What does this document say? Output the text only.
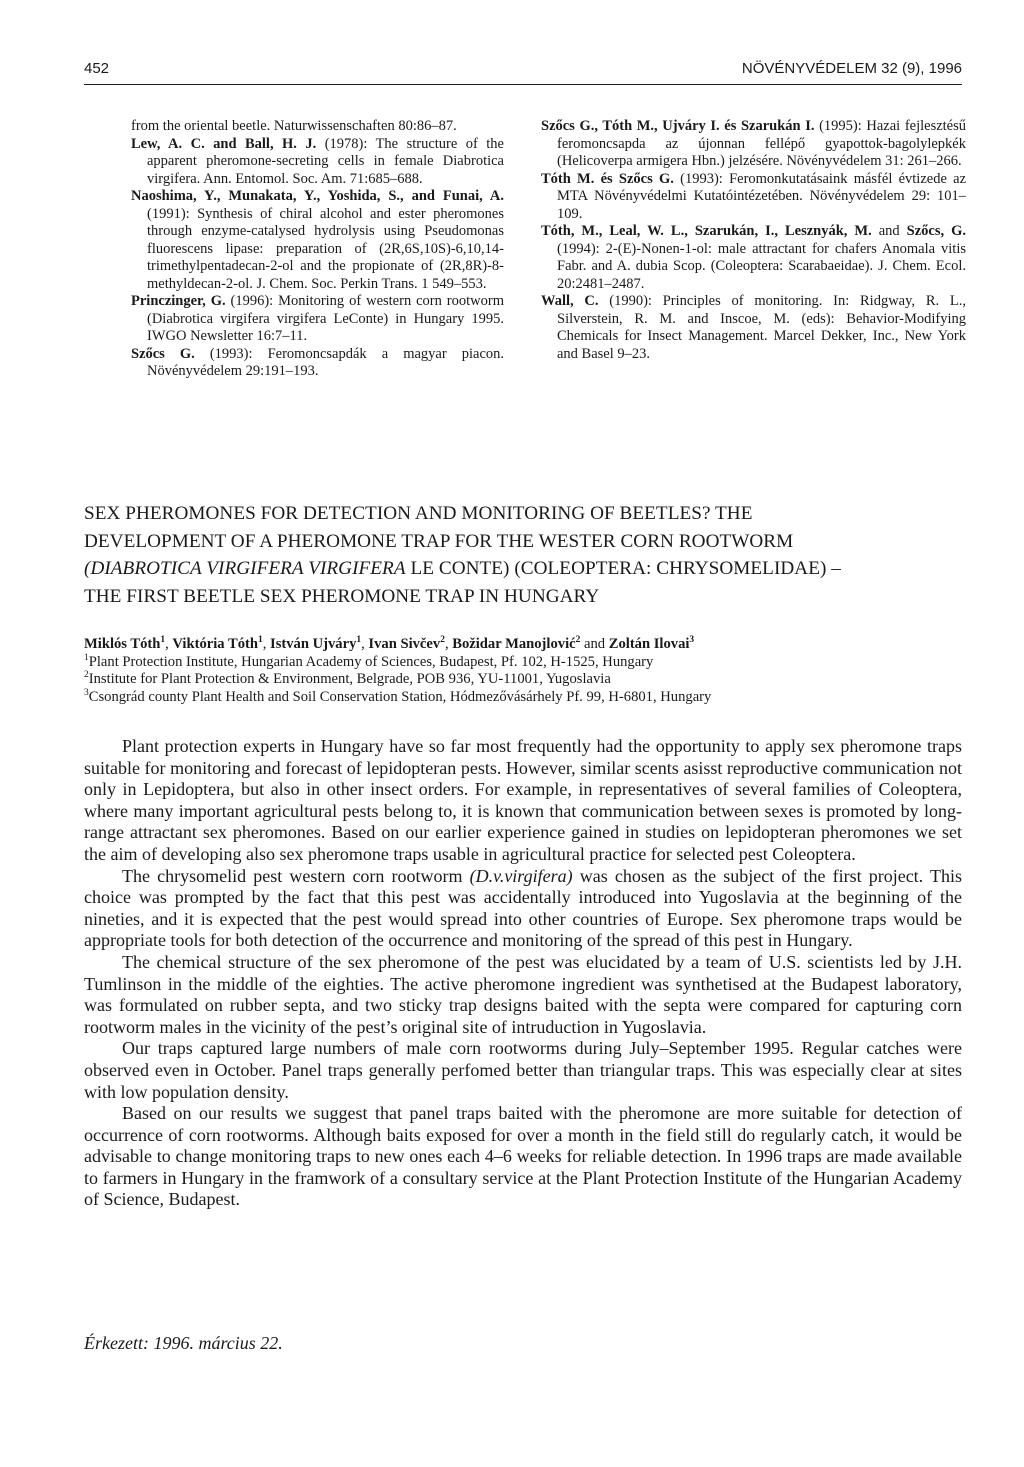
452	NÖVÉNYVÉDELEM 32 (9), 1996

from the oriental beetle. Naturwissenschaften 80:86–87.

Lew, A. C. and Ball, H. J. (1978): The structure of the apparent pheromone-secreting cells in female Diabrotica virgifera. Ann. Entomol. Soc. Am. 71:685–688.

Naoshima, Y., Munakata, Y., Yoshida, S., and Funai, A. (1991): Synthesis of chiral alcohol and ester pheromones through enzyme-catalysed hydrolysis using Pseudomonas fluorescens lipase: preparation of (2R,6S,10S)-6,10,14-trimethylpentadecan-2-ol and the propionate of (2R,8R)-8-methyldecan-2-ol. J. Chem. Soc. Perkin Trans. 1 549–553.

Princzinger, G. (1996): Monitoring of western corn rootworm (Diabrotica virgifera virgifera LeConte) in Hungary 1995. IWGO Newsletter 16:7–11.

Szőcs G. (1993): Feromoncsapdák a magyar piacon. Növényvédelem 29:191–193.

Szőcs G., Tóth M., Ujváry I. és Szarukán I. (1995): Hazai fejlesztésű feromoncsapda az újonnan fellépő gyapottok-bagolylepkék (Helicoverpa armigera Hbn.) jelzésére. Növényvédelem 31: 261–266.

Tóth M. és Szőcs G. (1993): Feromonkutatásaink másfél évtizede az MTA Növényvédelmi Kutatóintézetében. Növényvédelem 29: 101–109.

Tóth, M., Leal, W. L., Szarukán, I., Lesznyák, M. and Szőcs, G. (1994): 2-(E)-Nonen-1-ol: male attractant for chafers Anomala vitis Fabr. and A. dubia Scop. (Coleoptera: Scarabaeidae). J. Chem. Ecol. 20:2481–2487.

Wall, C. (1990): Principles of monitoring. In: Ridgway, R. L., Silverstein, R. M. and Inscoe, M. (eds): Behavior-Modifying Chemicals for Insect Management. Marcel Dekker, Inc., New York and Basel 9–23.

SEX PHEROMONES FOR DETECTION AND MONITORING OF BEETLES? THE
DEVELOPMENT OF A PHEROMONE TRAP FOR THE WESTER CORN ROOTWORM
(DIABROTICA VIRGIFERA VIRGIFERA LE CONTE) (COLEOPTERA: CHRYSOMELIDAE) –
THE FIRST BEETLE SEX PHEROMONE TRAP IN HUNGARY
Miklós Tóth$^1$, Viktória Tóth$^1$, István Ujváry$^1$, Ivan Sivčev$^2$, Božidar Manojlović$^2$ and Zoltán Ilovai$^3$
$^1$Plant Protection Institute, Hungarian Academy of Sciences, Budapest, Pf. 102, H-1525, Hungary
$^2$Institute for Plant Protection & Environment, Belgrade, POB 936, YU-11001, Yugoslavia
$^3$Csongrád county Plant Health and Soil Conservation Station, Hódmezővásárhely Pf. 99, H-6801, Hungary

Plant protection experts in Hungary have so far most frequently had the opportunity to apply sex pheromone traps suitable for monitoring and forecast of lepidopteran pests. However, similar scents asisst reproductive communication not only in Lepidoptera, but also in other insect orders. For example, in representatives of several families of Coleoptera, where many important agricultural pests belong to, it is known that communication between sexes is promoted by long-range attractant sex pheromones. Based on our earlier experience gained in studies on lepidopteran pheromones we set the aim of developing also sex pheromone traps usable in agricultural practice for selected pest Coleoptera.

The chrysomelid pest western corn rootworm (D.v.virgifera) was chosen as the subject of the first project. This choice was prompted by the fact that this pest was accidentally introduced into Yugoslavia at the beginning of the nineties, and it is expected that the pest would spread into other countries of Europe. Sex pheromone traps would be appropriate tools for both detection of the occurrence and monitoring of the spread of this pest in Hungary.

The chemical structure of the sex pheromone of the pest was elucidated by a team of U.S. scientists led by J.H. Tumlinson in the middle of the eighties. The active pheromone ingredient was synthetised at the Budapest laboratory, was formulated on rubber septa, and two sticky trap designs baited with the septa were compared for capturing corn rootworm males in the vicinity of the pest’s original site of intruduction in Yugoslavia.

Our traps captured large numbers of male corn rootworms during July–September 1995. Regular catches were observed even in October. Panel traps generally perfomed better than triangular traps. This was especially clear at sites with low population density.

Based on our results we suggest that panel traps baited with the pheromone are more suitable for detection of occurrence of corn rootworms. Although baits exposed for over a month in the field still do regularly catch, it would be advisable to change monitoring traps to new ones each 4–6 weeks for reliable detection. In 1996 traps are made available to farmers in Hungary in the framwork of a consultary service at the Plant Protection Institute of the Hungarian Academy of Science, Budapest.

Érkezett: 1996. március 22.
